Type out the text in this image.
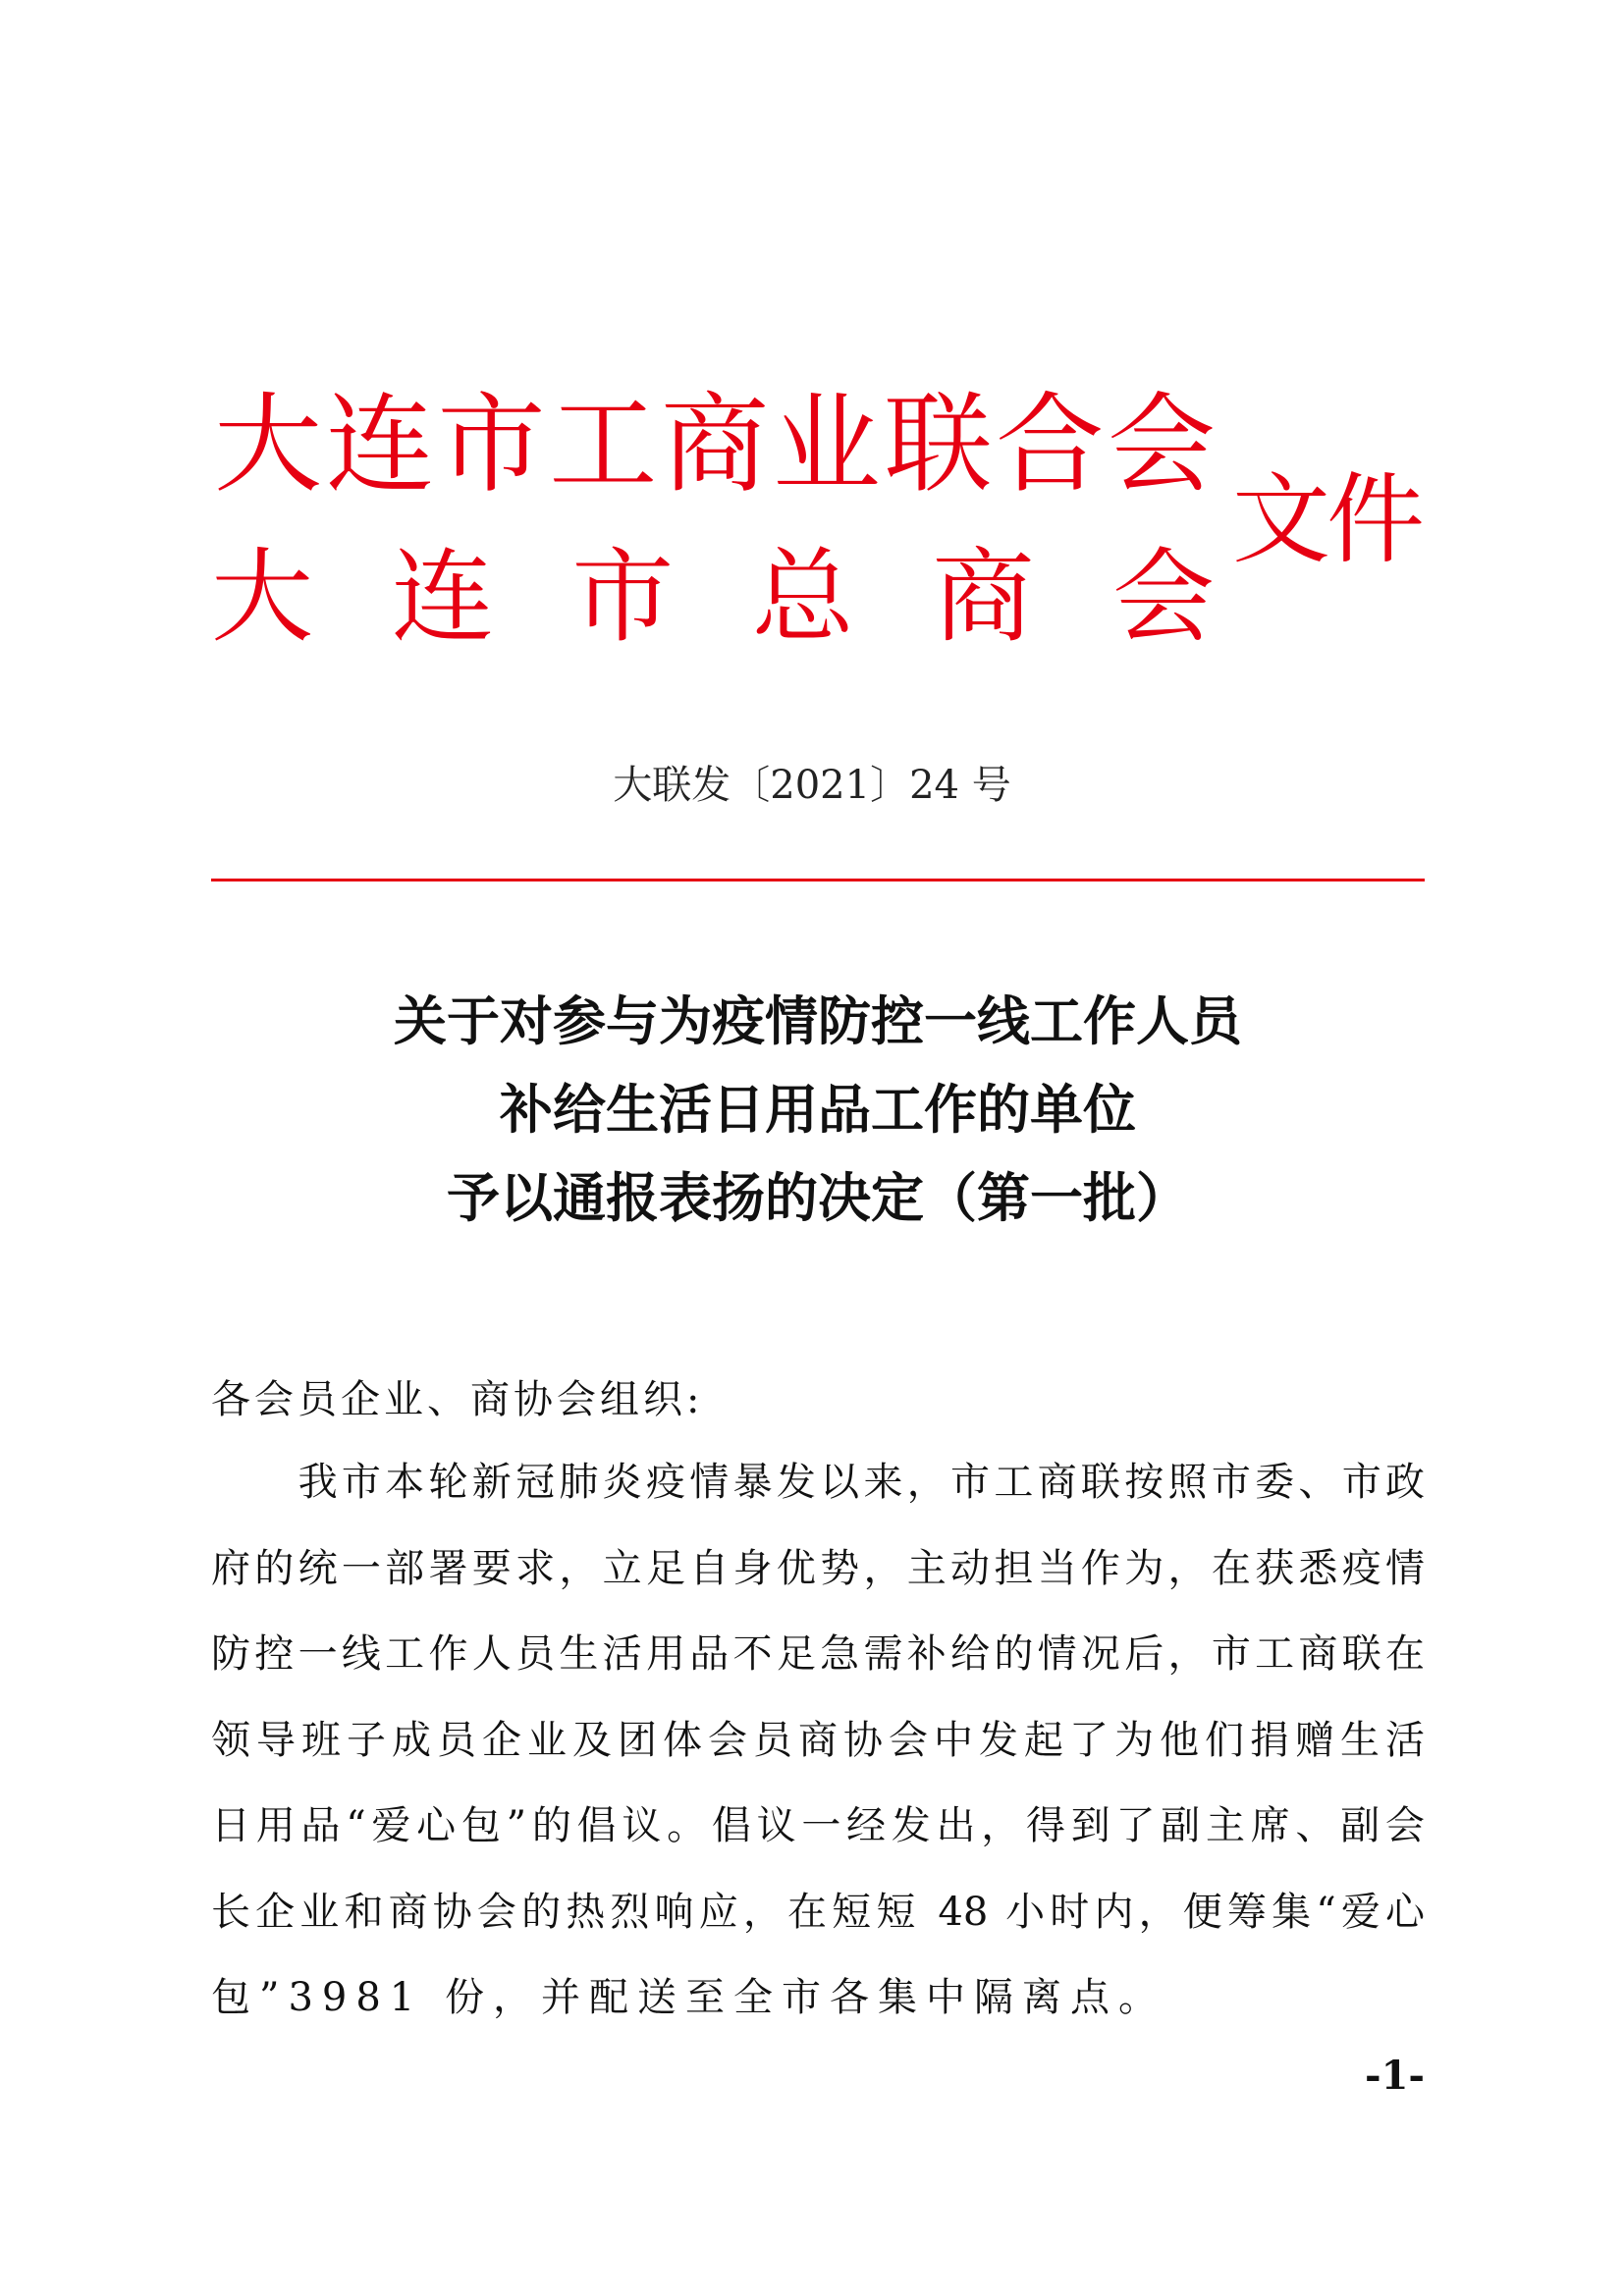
大 连 市 工 商 业 联 合 会
大 连 市 总 商 会
文件
大联发〔2021〕24 号
关于对参与为疫情防控一线工作人员
补给生活日用品工作的单位
予以通报表扬的决定（第一批）
各会员企业、商协会组织:
　　我市本轮新冠肺炎疫情暴发以来，市工商联按照市委、市政
府的统一部署要求，立足自身优势，主动担当作为，在获悉疫情
防控一线工作人员生活用品不足急需补给的情况后，市工商联在
领导班子成员企业及团体会员商协会中发起了为他们捐赠生活
日用品“爱心包”的倡议。倡议一经发出，得到了副主席、副会
长企业和商协会的热烈响应，在短短 48 小时内，便筹集“爱心
包”3981 份，并配送至全市各集中隔离点。
-1-
